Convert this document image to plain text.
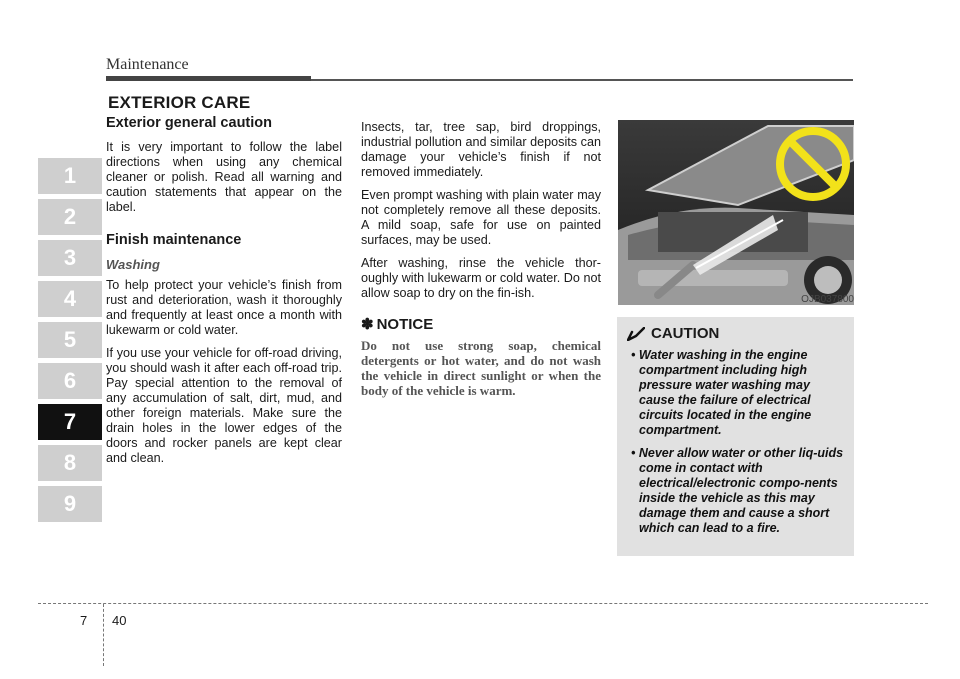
Maintenance
EXTERIOR CARE
1
2
3
4
5
6
7
8
9
Exterior general caution

It is very important to follow the label directions when using any chemical cleaner or polish. Read all warning and caution statements that appear on the label.

Finish maintenance
Washing

To help protect your vehicle’s finish from rust and deterioration, wash it thoroughly and frequently at least once a month with lukewarm or cold water.

If you use your vehicle for off-road driving, you should wash it after each off-road trip. Pay special attention to the removal of any accumulation of salt, dirt, mud, and other foreign materials. Make sure the drain holes in the lower edges of the doors and rocker panels are kept clear and clean.

Insects, tar, tree sap, bird droppings, industrial pollution and similar deposits can damage your vehicle’s finish if not removed immediately.

Even prompt washing with plain water may not completely remove all these deposits. A mild soap, safe for use on painted surfaces, may be used.

After washing, rinse the vehicle thor-oughly with lukewarm or cold water. Do not allow soap to dry on the fin-ish.

✽ NOTICE

Do not use strong soap, chemical detergents or hot water, and do not wash the vehicle in direct sunlight or when the body of the vehicle is warm.

OJB037800
CAUTION
• Water washing in the engine compartment including high pressure water washing may cause the failure of electrical circuits located in the engine compartment.
• Never allow water or other liq-uids come in contact with electrical/electronic compo-nents inside the vehicle as this may damage them and cause a short which can lead to a fire.
7 40
